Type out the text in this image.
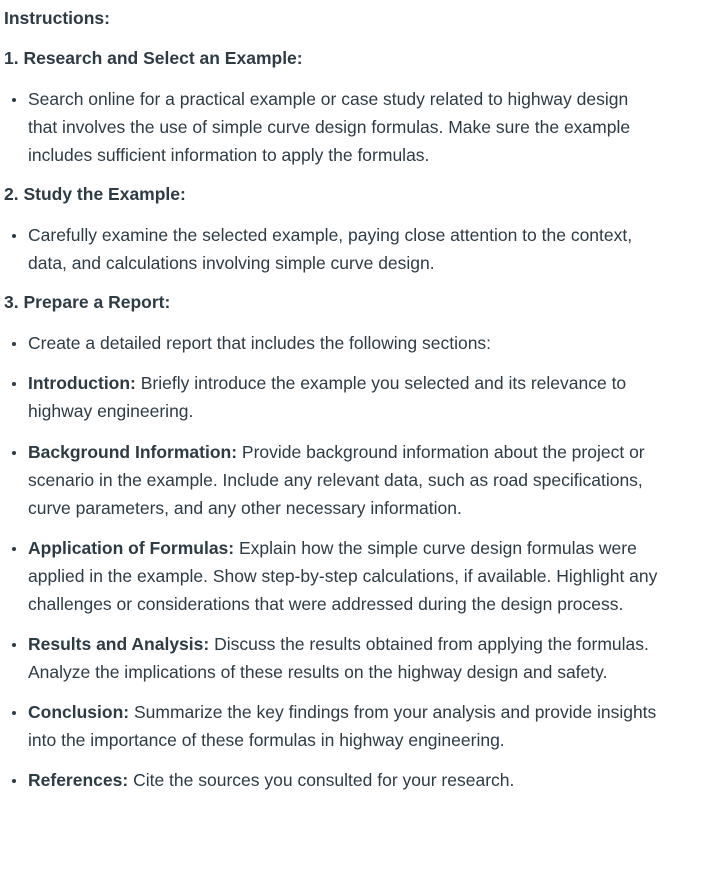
Instructions:

1. Research and Select an Example:

Search online for a practical example or case study related to highway design that involves the use of simple curve design formulas. Make sure the example includes sufficient information to apply the formulas.

2. Study the Example:

Carefully examine the selected example, paying close attention to the context, data, and calculations involving simple curve design.

3. Prepare a Report:

Create a detailed report that includes the following sections:
Introduction: Briefly introduce the example you selected and its relevance to highway engineering.
Background Information: Provide background information about the project or scenario in the example. Include any relevant data, such as road specifications, curve parameters, and any other necessary information.
Application of Formulas: Explain how the simple curve design formulas were applied in the example. Show step-by-step calculations, if available. Highlight any challenges or considerations that were addressed during the design process.
Results and Analysis: Discuss the results obtained from applying the formulas. Analyze the implications of these results on the highway design and safety.
Conclusion: Summarize the key findings from your analysis and provide insights into the importance of these formulas in highway engineering.
References: Cite the sources you consulted for your research.
